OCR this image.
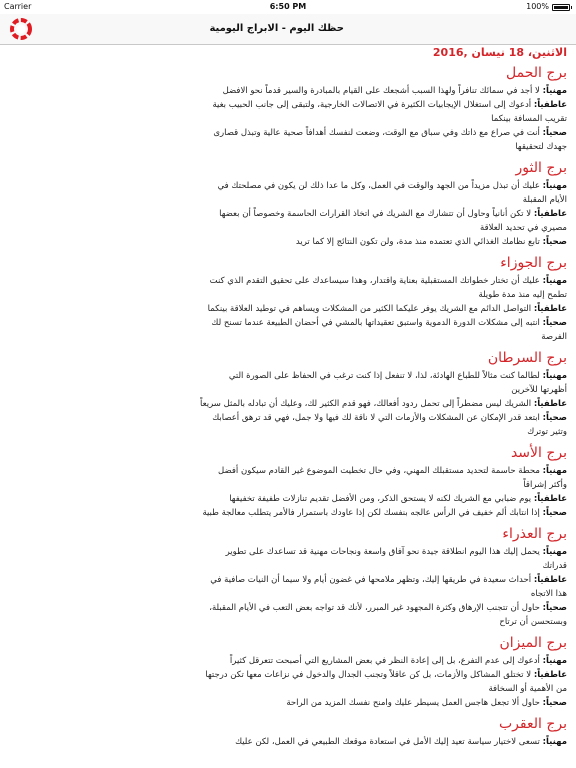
Carrier	6:50 PM	100%
حظك اليوم - الابراج اليومية
الاثنين، 18 نيسان ,2016
برج الحمل

مهنياً: لا أجد في سمائك تنافراً ولهذا السبب أشجعك على القيام بالمبادرة والسير قدماً نحو الافضل

عاطفياً: أدعوك إلى استغلال الإيجابيات الكثيرة في الاتصالات الخارجية، ولتبقى إلى جانب الحبيب بغية تقريب المسافة بينكما

صحياً: أنت في صراع مع ذاتك وفي سباق مع الوقت، وضعت لنفسك أهدافاً صحية عالية وتبذل قصارى جهدك لتحقيقها

برج الثور

مهنياً: عليك أن تبذل مزيداً من الجهد والوقت في العمل، وكل ما عدا ذلك لن يكون في مصلحتك في الأيام المقبلة

عاطفياً: لا تكن أنانياً وحاول أن تتشارك مع الشريك في اتخاذ القرارات الحاسمة وخصوصاً أن بعضها مصيري في تحديد العلاقة

صحياً: تابع نظامك الغذائي الذي تعتمده منذ مدة، ولن تكون النتائج إلا كما تريد

برج الجوزاء

مهنياً: عليك أن تختار خطواتك المستقبلية بعناية واقتدار، وهذا سيساعدك على تحقيق التقدم الذي كنت تطمح إليه منذ مدة طويلة

عاطفياً: التواصل الدائم مع الشريك يوفر عليكما الكثير من المشكلات ويساهم في توطيد العلاقة بينكما

صحياً: انتبه إلى مشكلات الدورة الدموية واستبق تعقيداتها بالمشي في أحضان الطبيعة عندما تسنح لك الفرصة

برج السرطان

مهنياً: لطالما كنت مثالاً للطباع الهادئة، لذا، لا تنفعل إذا كنت ترغب في الحفاظ على الصورة التي أظهرتها للآخرين

عاطفياً: الشريك ليس مضطراً إلى تحمل ردود أفعالك، فهو قدم الكثير لك، وعليك أن تبادله بالمثل سريعاً

صحياً: ابتعد قدر الإمكان عن المشكلات والأزمات التي لا ناقة لك فيها ولا جمل، فهي قد ترهق أعصابك وتثير توترك

برج الأسد

مهنياً: محطة حاسمة لتحديد مستقبلك المهني، وفي حال تخطيت الموضوع غير القادم سيكون أفضل وأكثر إشراقاً

عاطفياً: يوم ضبابي مع الشريك لكنه لا يستحق الذكر، ومن الأفضل تقديم تنازلات طفيفة تخفيفها

صحياً: إذا انتابك ألم خفيف في الرأس عالجه بنفسك لكن إذا عاودك باستمرار فالأمر يتطلب معالجة طبية

برج العذراء

مهنياً: يحمل إليك هذا اليوم انطلاقة جيدة نحو آفاق واسعة ونجاحات مهنية قد تساعدك على تطوير قدراتك

عاطفياً: أحداث سعيدة في طريقها إليك، وتظهر ملامحها في غضون أيام ولا سيما أن النيات صافية في هذا الاتجاه

صحياً: حاول أن تتجنب الإرهاق وكثرة المجهود غير المبرر، لأنك قد تواجه بعض التعب في الأيام المقبلة، وبستحسن أن ترتاح

برج الميزان

مهنياً: أدعوك إلى عدم التفرع، بل إلى إعادة النظر في بعض المشاريع التي أصبحت تتعرقل كثيراً

عاطفياً: لا تختلق المشاكل والأزمات، بل كن عاقلاً وتجنب الجدال والدخول في نزاعات معها تكن درجتها من الأهمية أو السخافة

صحياً: حاول ألا تجعل هاجس العمل يسيطر عليك وامنح نفسك المزيد من الراحة

برج العقرب

مهنياً: تسعى لاختيار سياسة تعيد إليك الأمل في استعادة موقعك الطبيعي في العمل، لكن عليك
